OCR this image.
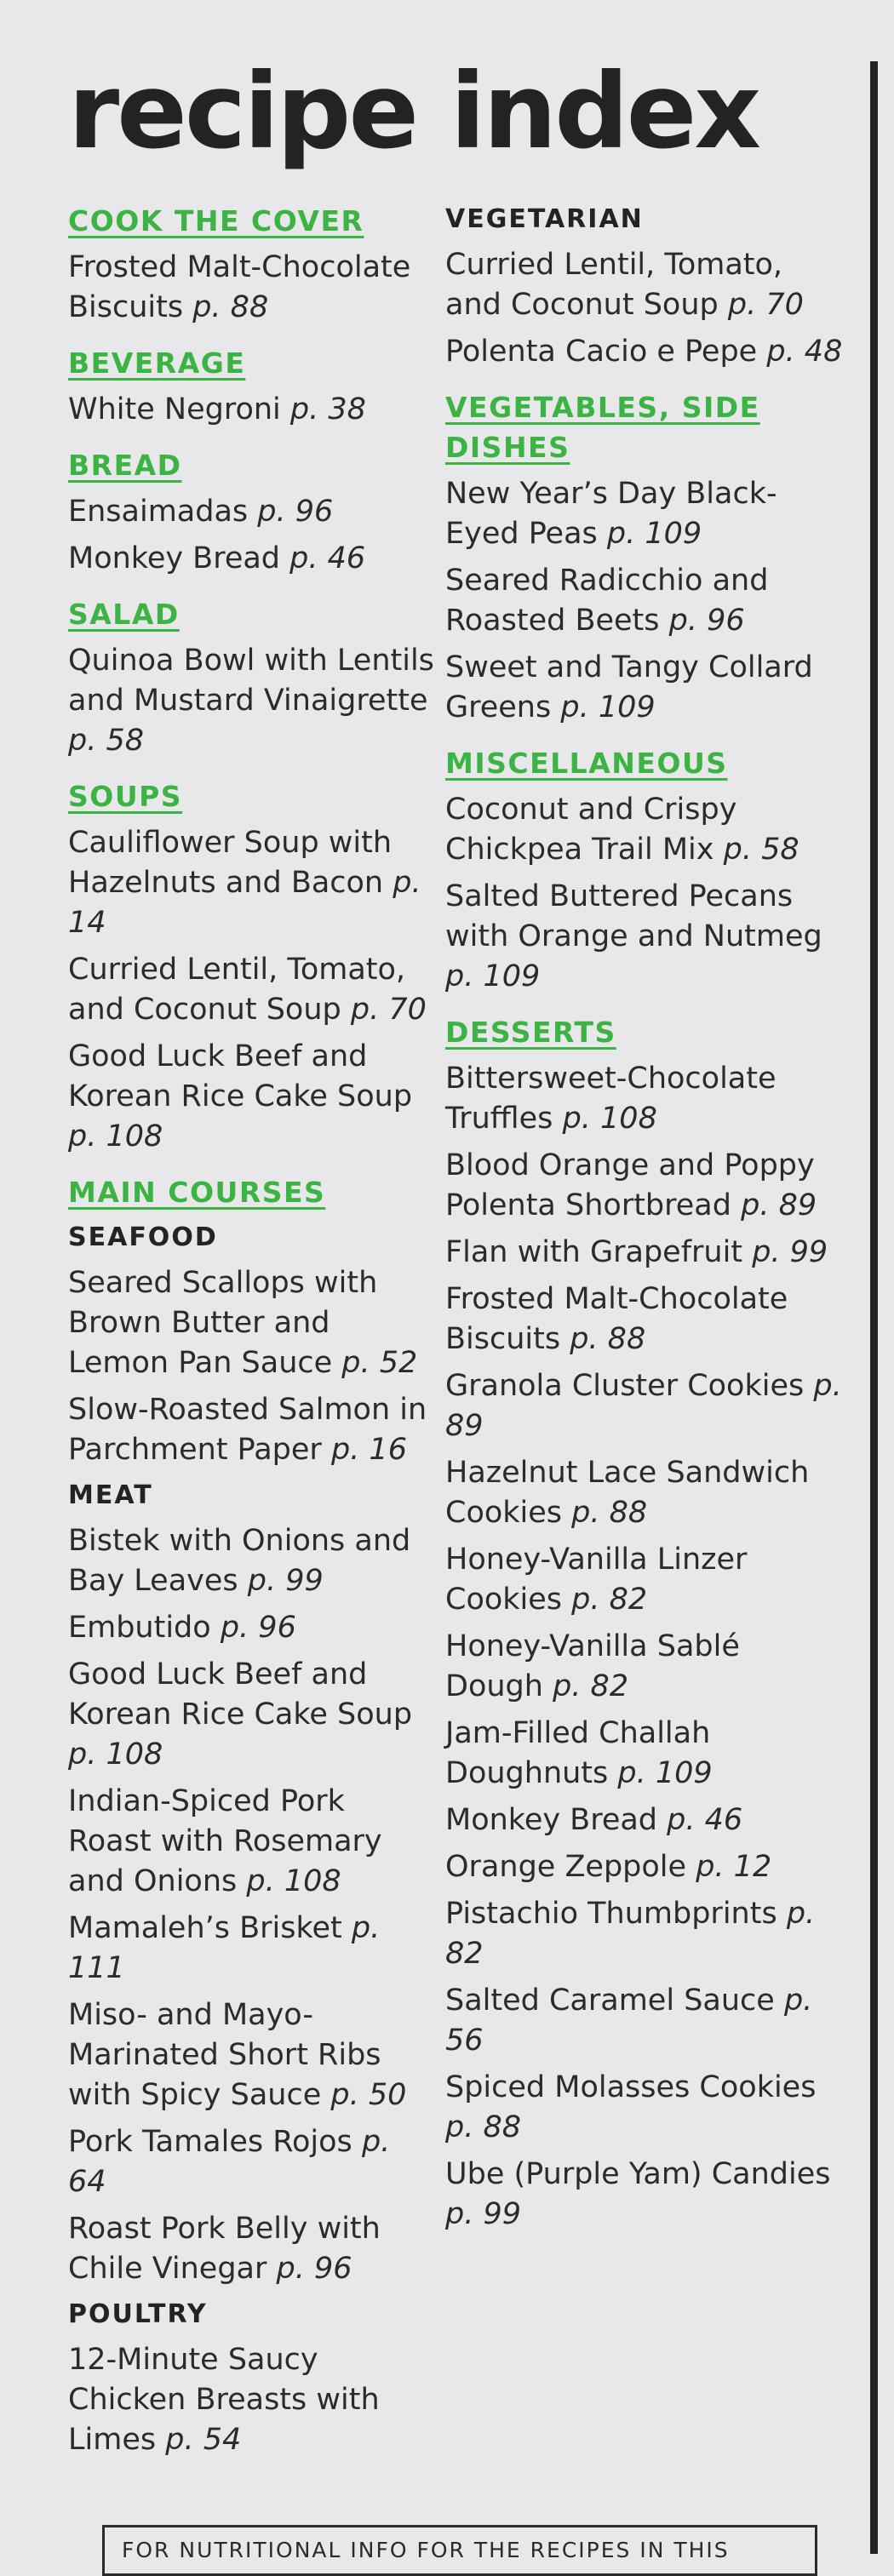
recipe index
COOK THE COVER
Frosted Malt-Chocolate Biscuits p. 88
BEVERAGE
White Negroni p. 38
BREAD
Ensaimadas p. 96
Monkey Bread p. 46
SALAD
Quinoa Bowl with Lentils and Mustard Vinaigrette p. 58
SOUPS
Cauliflower Soup with Hazelnuts and Bacon p. 14
Curried Lentil, Tomato, and Coconut Soup p. 70
Good Luck Beef and Korean Rice Cake Soup p. 108
MAIN COURSES
SEAFOOD
Seared Scallops with Brown Butter and Lemon Pan Sauce p. 52
Slow-Roasted Salmon in Parchment Paper p. 16
MEAT
Bistek with Onions and Bay Leaves p. 99
Embutido p. 96
Good Luck Beef and Korean Rice Cake Soup p. 108
Indian-Spiced Pork Roast with Rosemary and Onions p. 108
Mamaleh’s Brisket p. 111
Miso- and Mayo-Marinated Short Ribs with Spicy Sauce p. 50
Pork Tamales Rojos p. 64
Roast Pork Belly with Chile Vinegar p. 96
POULTRY
12-Minute Saucy Chicken Breasts with Limes p. 54
VEGETARIAN
Curried Lentil, Tomato, and Coconut Soup p. 70
Polenta Cacio e Pepe p. 48
VEGETABLES, SIDE DISHES
New Year’s Day Black-Eyed Peas p. 109
Seared Radicchio and Roasted Beets p. 96
Sweet and Tangy Collard Greens p. 109
MISCELLANEOUS
Coconut and Crispy Chickpea Trail Mix p. 58
Salted Buttered Pecans with Orange and Nutmeg p. 109
DESSERTS
Bittersweet-Chocolate Truffles p. 108
Blood Orange and Poppy Polenta Shortbread p. 89
Flan with Grapefruit p. 99
Frosted Malt-Chocolate Biscuits p. 88
Granola Cluster Cookies p. 89
Hazelnut Lace Sandwich Cookies p. 88
Honey-Vanilla Linzer Cookies p. 82
Honey-Vanilla Sablé Dough p. 82
Jam-Filled Challah Doughnuts p. 109
Monkey Bread p. 46
Orange Zeppole p. 12
Pistachio Thumbprints p. 82
Salted Caramel Sauce p. 56
Spiced Molasses Cookies p. 88
Ube (Purple Yam) Candies p. 99
FOR NUTRITIONAL INFO FOR THE RECIPES IN THIS
